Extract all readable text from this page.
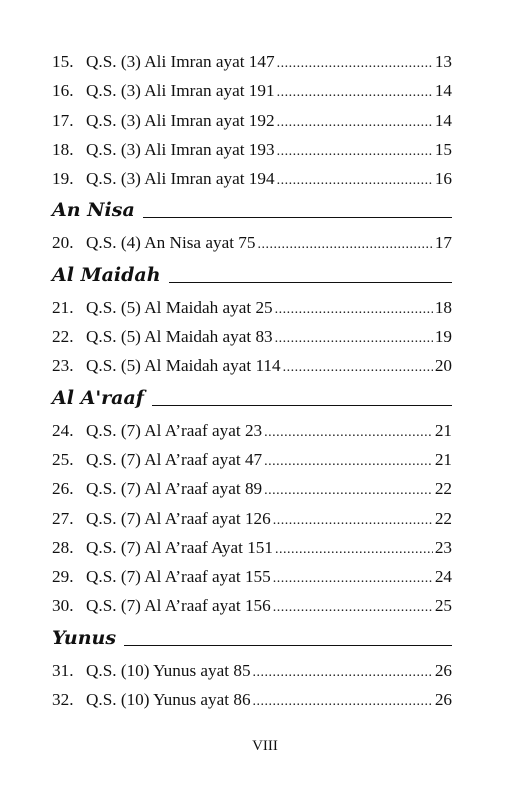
15. Q.S. (3) Ali Imran ayat 147 .....	13
16. Q.S. (3) Ali Imran ayat 191 .....	14
17. Q.S. (3) Ali Imran ayat 192 .....	14
18. Q.S. (3) Ali Imran ayat 193 .....	15
19. Q.S. (3) Ali Imran ayat 194 .....	16
An Nisa
20. Q.S. (4) An Nisa ayat 75 .....	17
Al Maidah
21. Q.S. (5) Al Maidah ayat 25 .....	18
22. Q.S. (5) Al Maidah ayat 83 .....	19
23. Q.S. (5) Al Maidah ayat 114 .....	20
Al A'raaf
24. Q.S. (7) Al A’raaf ayat 23 .....	21
25. Q.S. (7) Al A’raaf ayat 47 .....	21
26. Q.S. (7) Al A’raaf ayat 89 .....	22
27. Q.S. (7) Al A’raaf ayat 126 .....	22
28. Q.S. (7) Al A’raaf Ayat 151 .....	23
29. Q.S. (7) Al A’raaf ayat 155 .....	24
30. Q.S. (7) Al A’raaf ayat 156 .....	25
Yunus
31. Q.S. (10) Yunus ayat 85 .....	26
32. Q.S. (10) Yunus ayat 86 .....	26
VIII
